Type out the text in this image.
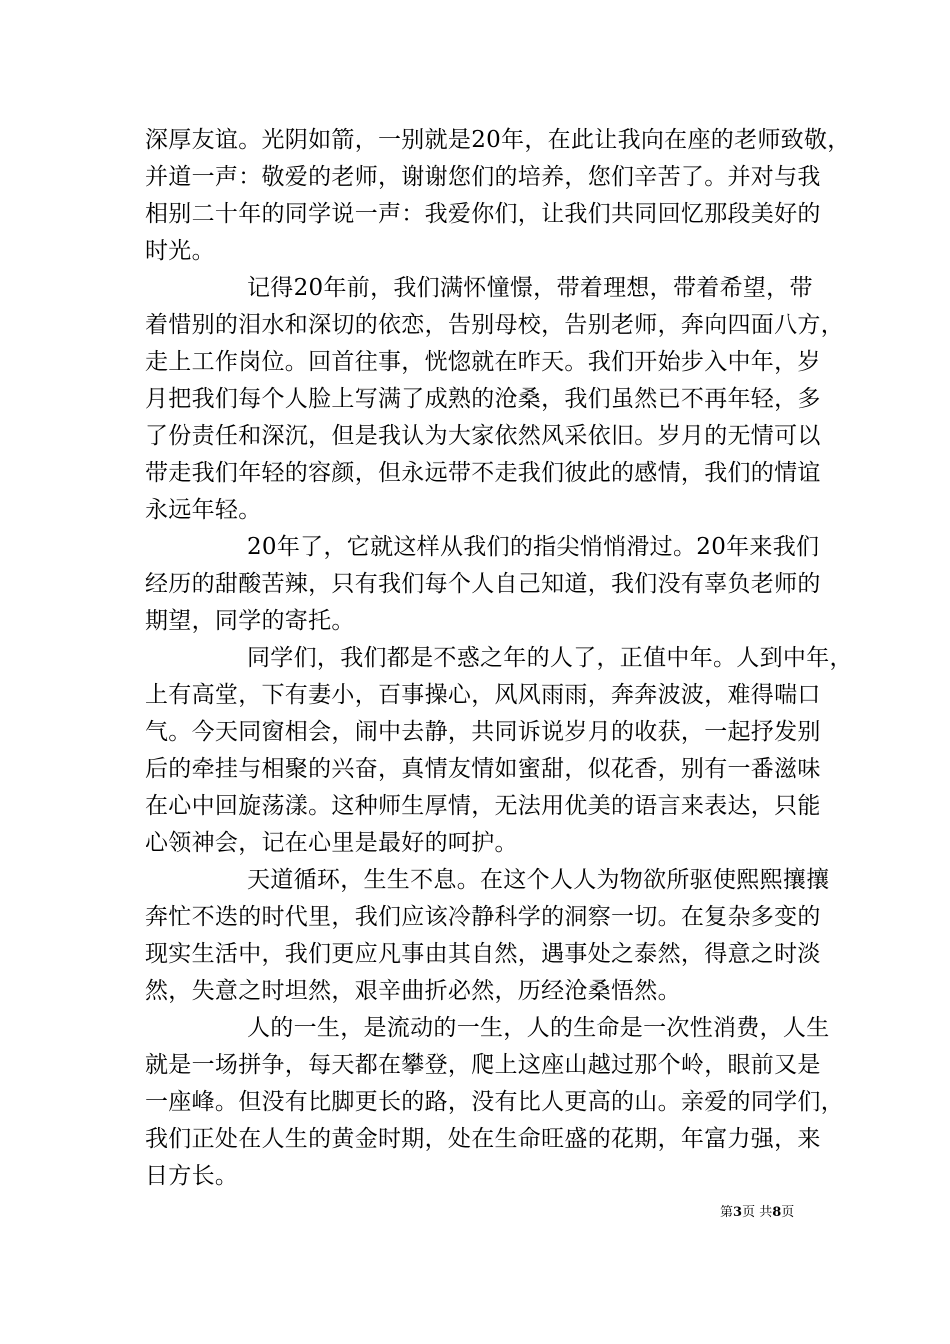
深厚友谊。光阴如箭，一别就是20年，在此让我向在座的老师致敬，
并道一声：敬爱的老师，谢谢您们的培养，您们辛苦了。并对与我
相别二十年的同学说一声：我爱你们，让我们共同回忆那段美好的
时光。
记得20年前，我们满怀憧憬，带着理想，带着希望，带
着惜别的泪水和深切的依恋，告别母校，告别老师，奔向四面八方，
走上工作岗位。回首往事，恍惚就在昨天。我们开始步入中年，岁
月把我们每个人脸上写满了成熟的沧桑，我们虽然已不再年轻，多
了份责任和深沉，但是我认为大家依然风采依旧。岁月的无情可以
带走我们年轻的容颜，但永远带不走我们彼此的感情，我们的情谊
永远年轻。
20年了，它就这样从我们的指尖悄悄滑过。20年来我们
经历的甜酸苦辣，只有我们每个人自己知道，我们没有辜负老师的
期望，同学的寄托。
同学们，我们都是不惑之年的人了，正值中年。人到中年，
上有高堂，下有妻小，百事操心，风风雨雨，奔奔波波，难得喘口
气。今天同窗相会，闹中去静，共同诉说岁月的收获，一起抒发别
后的牵挂与相聚的兴奋，真情友情如蜜甜，似花香，别有一番滋味
在心中回旋荡漾。这种师生厚情，无法用优美的语言来表达，只能
心领神会，记在心里是最好的呵护。
天道循环，生生不息。在这个人人为物欲所驱使熙熙攘攘
奔忙不迭的时代里，我们应该冷静科学的洞察一切。在复杂多变的
现实生活中，我们更应凡事由其自然，遇事处之泰然，得意之时淡
然，失意之时坦然，艰辛曲折必然，历经沧桑悟然。
人的一生，是流动的一生，人的生命是一次性消费，人生
就是一场拼争，每天都在攀登，爬上这座山越过那个岭，眼前又是
一座峰。但没有比脚更长的路，没有比人更高的山。亲爱的同学们，
我们正处在人生的黄金时期，处在生命旺盛的花期，年富力强，来
日方长。
第3页 共8页
